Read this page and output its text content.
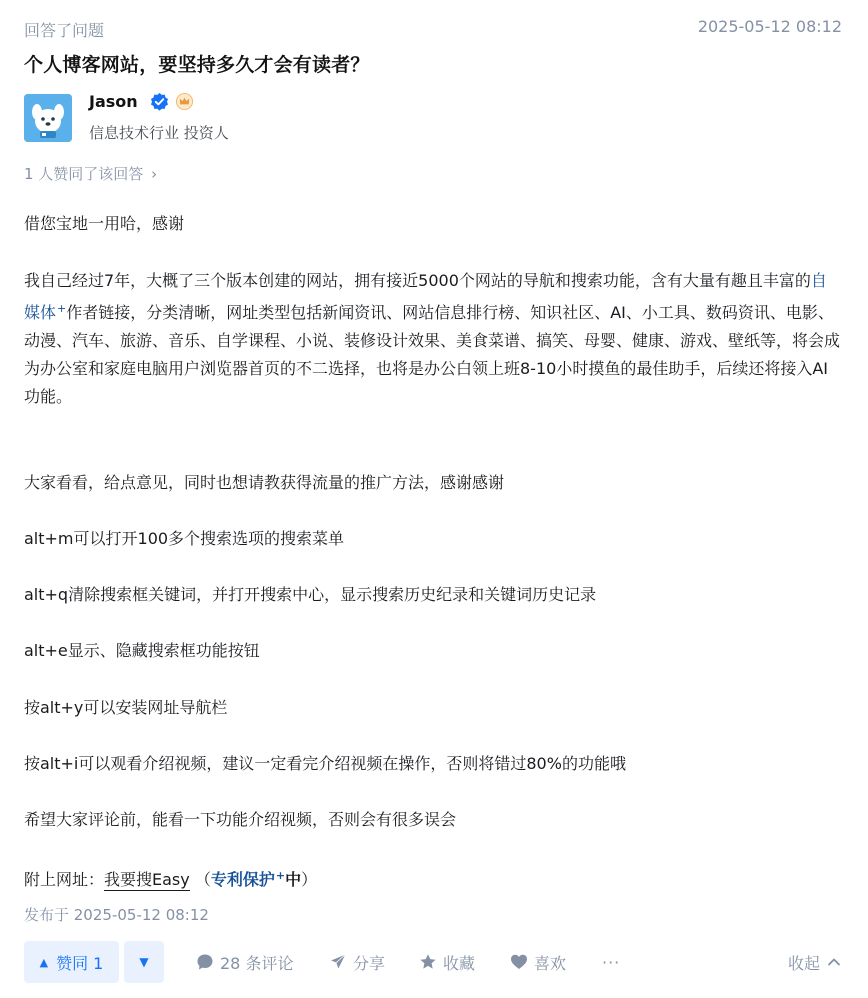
回答了问题	2025-05-12 08:12
个人博客网站，要坚持多久才会有读者？
Jason
信息技术行业 投资人
1 人赞同了该回答 ›

借您宝地一用哈，感谢

我自己经过7年，大概了三个版本创建的网站，拥有接近5000个网站的导航和搜索功能，含有大量有趣且丰富的自媒体+作者链接，分类清晰，网址类型包括新闻资讯、网站信息排行榜、知识社区、AI、小工具、数码资讯、电影、动漫、汽车、旅游、音乐、自学课程、小说、装修设计效果、美食菜谱、搞笑、母婴、健康、游戏、壁纸等，将会成为办公室和家庭电脑用户浏览器首页的不二选择，也将是办公白领上班8-10小时摸鱼的最佳助手，后续还将接入AI功能。

大家看看，给点意见，同时也想请教获得流量的推广方法，感谢感谢

alt+m可以打开100多个搜索选项的搜索菜单

alt+q清除搜索框关键词，并打开搜索中心，显示搜索历史纪录和关键词历史记录

alt+e显示、隐藏搜索框功能按钮

按alt+y可以安装网址导航栏

按alt+i可以观看介绍视频，建议一定看完介绍视频在操作，否则将错过80%的功能哦

希望大家评论前，能看一下功能介绍视频，否则会有很多误会

附上网址：我要搜Easy （专利保护+中）

发布于 2025-05-12 08:12
▲ 赞同 1	▼	28 条评论	分享	收藏	喜欢 ···	收起
